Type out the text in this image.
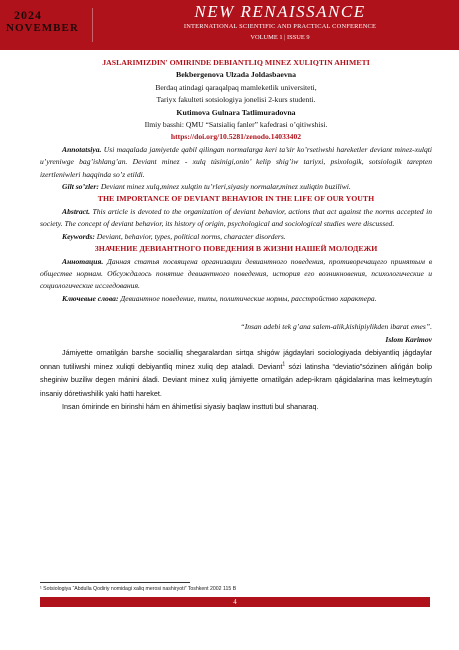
2024
NOVEMBER
NEW RENAISSANCE
INTERNATIONAL SCIENTIFIC AND PRACTICAL CONFERENCE
VOLUME 1 | ISSUE 9
JASLARIMIZDIN' OMIRINDE DEBIANTLIQ MINEZ XULIQTIN AHIMETI
Bekbergenova Ulzada Joldasbaevna
Berdaq atindagi qaraqalpaq mamleketlik universiteti,
Tariyx fakulteti sotsiologiya jonelisi 2-kurs studenti.
Kutimova Gulnara Tatlimuradovna
Ilmiy basshi: QMU “Satsialiq fanler” kafedrasi o’qitiwshisi.
https://doi.org/10.5281/zenodo.14033402
Annotatsiya. Usi maqalada jamiyetde qabil qilingan normalarga keri ta’sir ko’rsetiwshi hareketler deviant minez-xulqti u’yreniwge bag’ishlang’an. Deviant minez - xulq túsinigi,onin’ kelip shig’iw tariyxi, psixologik, sotsiologik tarepten izertleniwleri haqqinda so’z etildi.
Gilt so’zler: Deviant minez xulq,minez xulqtin tu’rleri,siyasiy normalar,minez xuliqtin buziliwi.
THE IMPORTANCE OF DEVIANT BEHAVIOR IN THE LIFE OF OUR YOUTH
Abstract. This article is devoted to the organization of deviant behavior, actions that act against the norms accepted in society. The concept of deviant behavior, its history of origin, psychological and sociological studies were discussed.
Keywords: Deviant, behavior, types, political norms, character disorders.
ЗНАЧЕНИЕ ДЕВИАНТНОГО ПОВЕДЕНИЯ В ЖИЗНИ НАШЕЙ МОЛОДЕЖИ
Аннотация. Данная статья посвящена организации девиантного поведения, противоречащего принятым в обществе нормам. Обсуждалось понятие девиантного поведения, история его возникновения, психологические и социологические исследования.
Ключевые слова: Девиантное поведение, типы, политические нормы, расстройство характера.
“Insan adebi tek g’ana salem-alik,kishipiylikden ibarat emes”.
Islom Karimov
Jámiyette ornatilgán barshe socialliq shegaralardan sirtqa shigów jágdaylari sociologiyada debiyantliq jágdaylar onnan tutiliwshi minez xuliqti debiyantliq minez xuliq dep ataladi. Deviant$^1$ sózi latinsha “deviatio”sózinen alińgán bolip sheginiw buziliw degen mánini áladi. Deviant minez xuliq jámiyette ornatilgán adep-ikram qá́gidalarina mas kelmeytugín insaniy dóretiwshilik yaki hatti hareket.
Insan ómirinde en birinshi hám en áhimetlisi siyasiy baqlaw insttuti bul shanaraq.
¹ Sotsiologiya “Abdulla Qodiriy nomidagi xaliq merosi nashiryoti” Toshkent 2002 115 B
4
